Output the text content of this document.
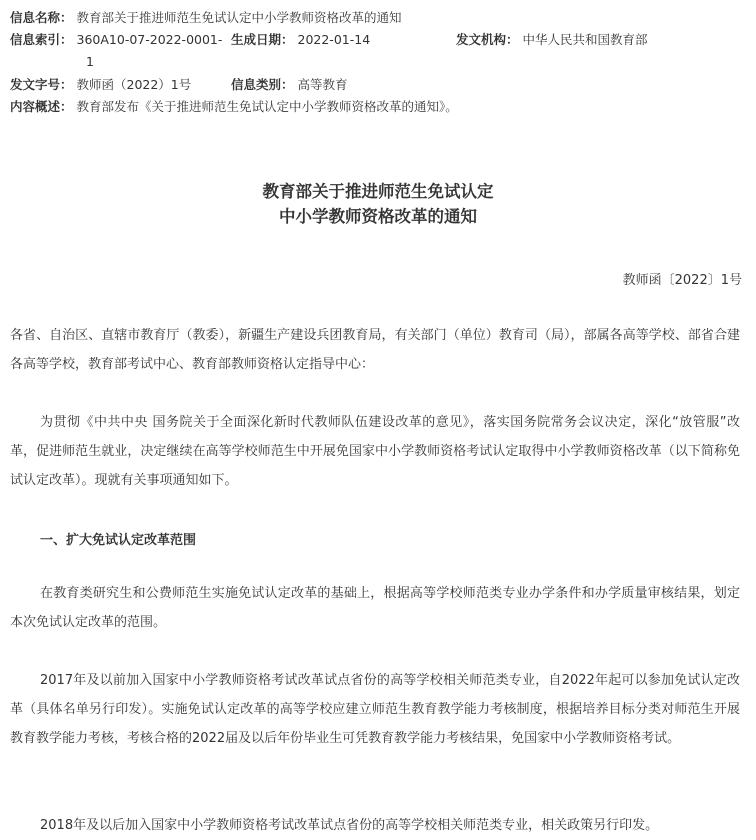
信息名称： 教育部关于推进师范生免试认定中小学教师资格改革的通知
信息索引： 360A10-07-2022-0001- 生成日期： 2022-01-14	发文机构： 中华人民共和国教育部
1
发文字号： 教师函（2022）1号	信息类别： 高等教育
内容概述： 教育部发布《关于推进师范生免试认定中小学教师资格改革的通知》。
教育部关于推进师范生免试认定
中小学教师资格改革的通知
教师函〔2022〕1号
各省、自治区、直辖市教育厅（教委），新疆生产建设兵团教育局，有关部门（单位）教育司（局），部属各高等学校、部省合建各高等学校，教育部考试中心、教育部教师资格认定指导中心：
为贯彻《中共中央 国务院关于全面深化新时代教师队伍建设改革的意见》，落实国务院常务会议决定，深化“放管服”改革，促进师范生就业，决定继续在高等学校师范生中开展免国家中小学教师资格考试认定取得中小学教师资格改革（以下简称免试认定改革）。现就有关事项通知如下。
一、扩大免试认定改革范围
在教育类研究生和公费师范生实施免试认定改革的基础上，根据高等学校师范类专业办学条件和办学质量审核结果，划定本次免试认定改革的范围。
2017年及以前加入国家中小学教师资格考试改革试点省份的高等学校相关师范类专业，自2022年起可以参加免试认定改革（具体名单另行印发）。实施免试认定改革的高等学校应建立师范生教育教学能力考核制度，根据培养目标分类对师范生开展教育教学能力考核，考核合格的2022届及以后年份毕业生可凭教育教学能力考核结果，免国家中小学教师资格考试。
2018年及以后加入国家中小学教师资格考试改革试点省份的高等学校相关师范类专业，相关政策另行印发。
